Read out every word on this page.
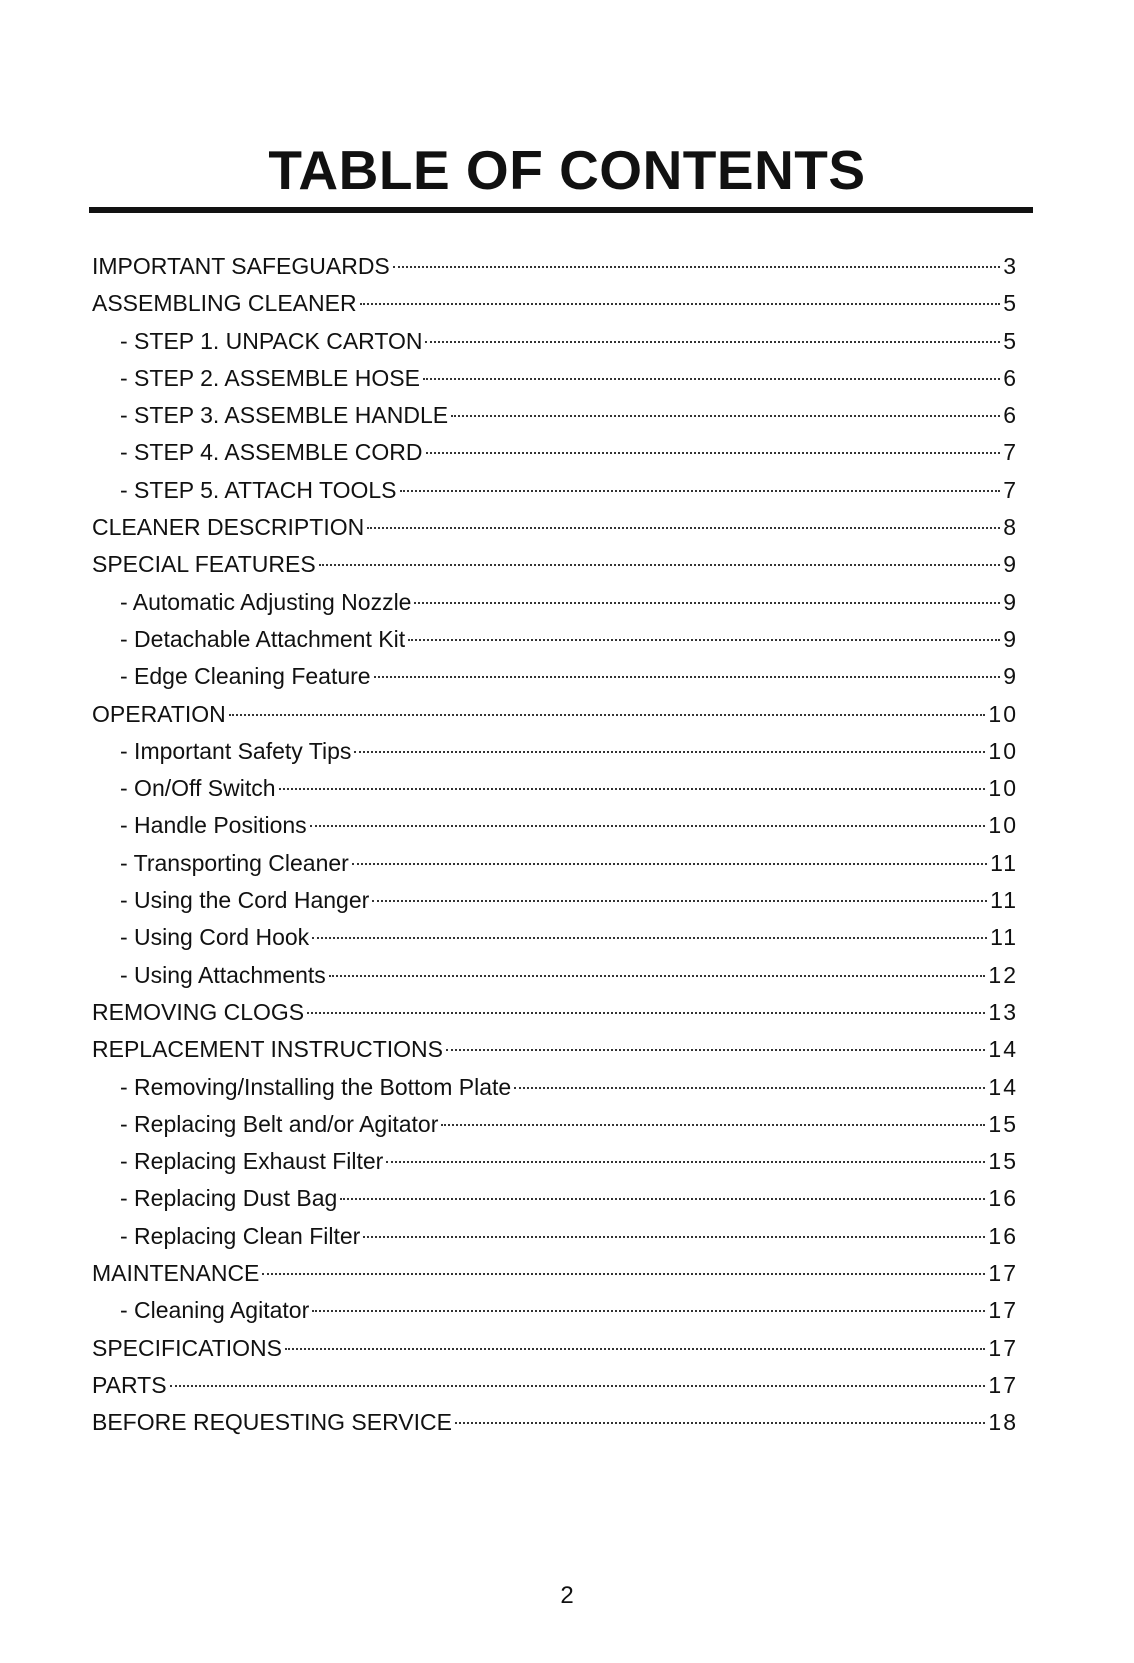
TABLE OF CONTENTS
IMPORTANT SAFEGUARDS	3
ASSEMBLING CLEANER	5
- STEP 1. UNPACK CARTON	5
- STEP 2. ASSEMBLE HOSE	6
- STEP 3. ASSEMBLE HANDLE	6
- STEP 4. ASSEMBLE CORD	7
- STEP 5. ATTACH TOOLS	7
CLEANER DESCRIPTION	8
SPECIAL FEATURES	9
- Automatic Adjusting Nozzle	9
- Detachable Attachment Kit	9
- Edge Cleaning Feature	9
OPERATION	10
- Important Safety Tips	10
- On/Off Switch	10
- Handle Positions	10
- Transporting Cleaner	11
- Using the Cord Hanger	11
- Using Cord Hook	11
- Using Attachments	12
REMOVING CLOGS	13
REPLACEMENT INSTRUCTIONS	14
- Removing/Installing the Bottom Plate	14
- Replacing Belt and/or Agitator	15
- Replacing Exhaust Filter	15
- Replacing Dust Bag	16
- Replacing Clean Filter	16
MAINTENANCE	17
- Cleaning Agitator	17
SPECIFICATIONS	17
PARTS	17
BEFORE REQUESTING SERVICE	18
2
